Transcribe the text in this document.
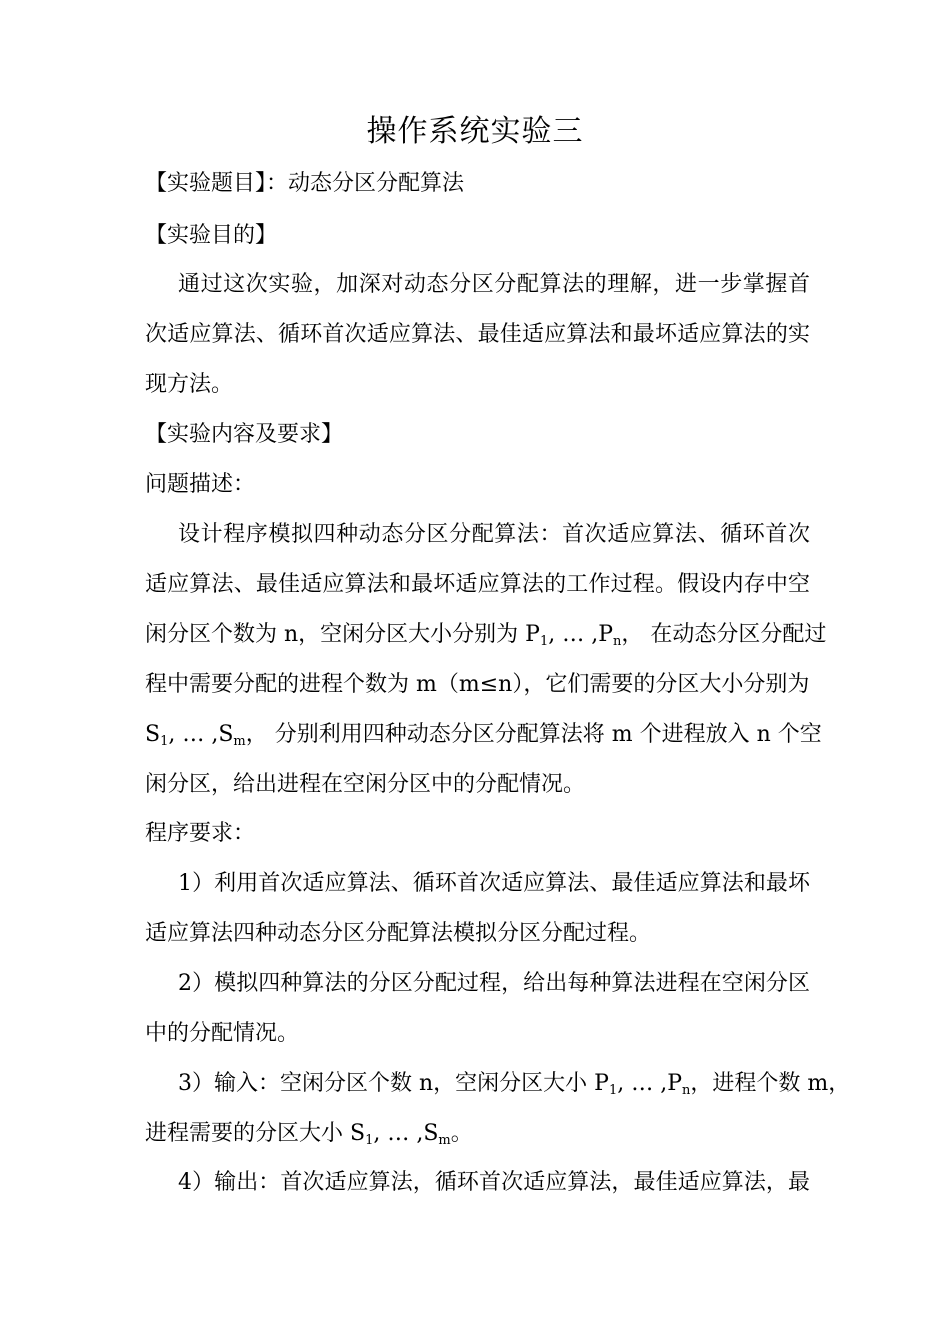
操作系统实验三
【实验题目】：动态分区分配算法
【实验目的】
通过这次实验，加深对动态分区分配算法的理解，进一步掌握首
次适应算法、循环首次适应算法、最佳适应算法和最坏适应算法的实
现方法。
【实验内容及要求】
问题描述：
设计程序模拟四种动态分区分配算法：首次适应算法、循环首次
适应算法、最佳适应算法和最坏适应算法的工作过程。假设内存中空
闲分区个数为 n，空闲分区大小分别为 $P_1$, … $,P_n$， 在动态分区分配过
程中需要分配的进程个数为 m（m≤n），它们需要的分区大小分别为
$S_1$, … $,S_m$， 分别利用四种动态分区分配算法将 m 个进程放入 n 个空
闲分区，给出进程在空闲分区中的分配情况。
程序要求：
1）利用首次适应算法、循环首次适应算法、最佳适应算法和最坏
适应算法四种动态分区分配算法模拟分区分配过程。
2）模拟四种算法的分区分配过程，给出每种算法进程在空闲分区
中的分配情况。
3）输入：空闲分区个数 n，空闲分区大小 $P_1$, … $,P_n$，进程个数 m，
进程需要的分区大小 $S_1$, … $,S_m$。
4）输出：首次适应算法，循环首次适应算法，最佳适应算法，最
